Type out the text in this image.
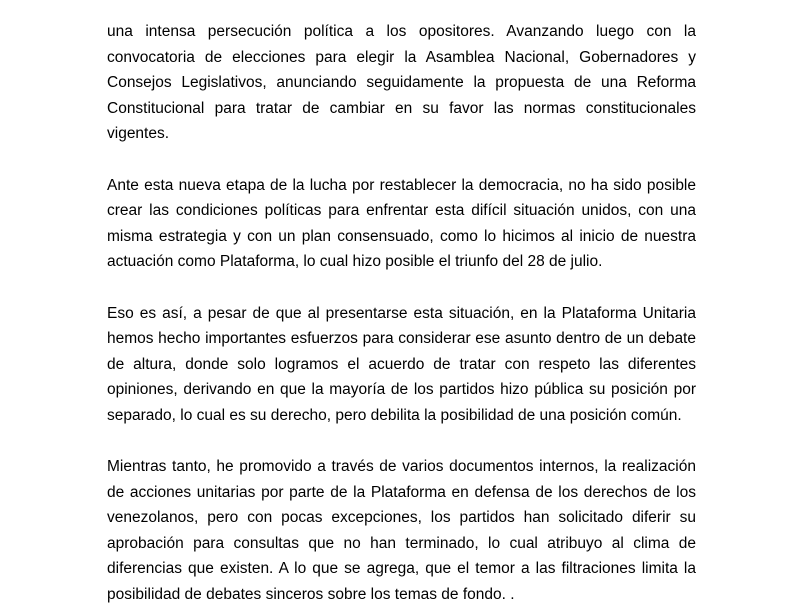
una intensa persecución política a los opositores. Avanzando luego con la convocatoria de elecciones para elegir la Asamblea Nacional, Gobernadores y Consejos Legislativos, anunciando seguidamente la propuesta de una Reforma Constitucional para tratar de cambiar en su favor las normas constitucionales vigentes.

Ante esta nueva etapa de la lucha por restablecer la democracia, no ha sido posible crear las condiciones políticas para enfrentar esta difícil situación unidos, con una misma estrategia y con un plan consensuado, como lo hicimos al inicio de nuestra actuación como Plataforma, lo cual hizo posible el triunfo del 28 de julio.

Eso es así, a pesar de que al presentarse esta situación, en la Plataforma Unitaria hemos hecho importantes esfuerzos para considerar ese asunto dentro de un debate de altura, donde solo logramos el acuerdo de tratar con respeto las diferentes opiniones, derivando en que la mayoría de los partidos hizo pública su posición por separado, lo cual es su derecho, pero debilita la posibilidad de una posición común.

Mientras tanto, he promovido a través de varios documentos internos, la realización de acciones unitarias por parte de la Plataforma en defensa de los derechos de los venezolanos, pero con pocas excepciones, los partidos han solicitado diferir su aprobación para consultas que no han terminado, lo cual atribuyo al clima de diferencias que existen. A lo que se agrega, que el temor a las filtraciones limita la posibilidad de debates sinceros sobre los temas de fondo. .
